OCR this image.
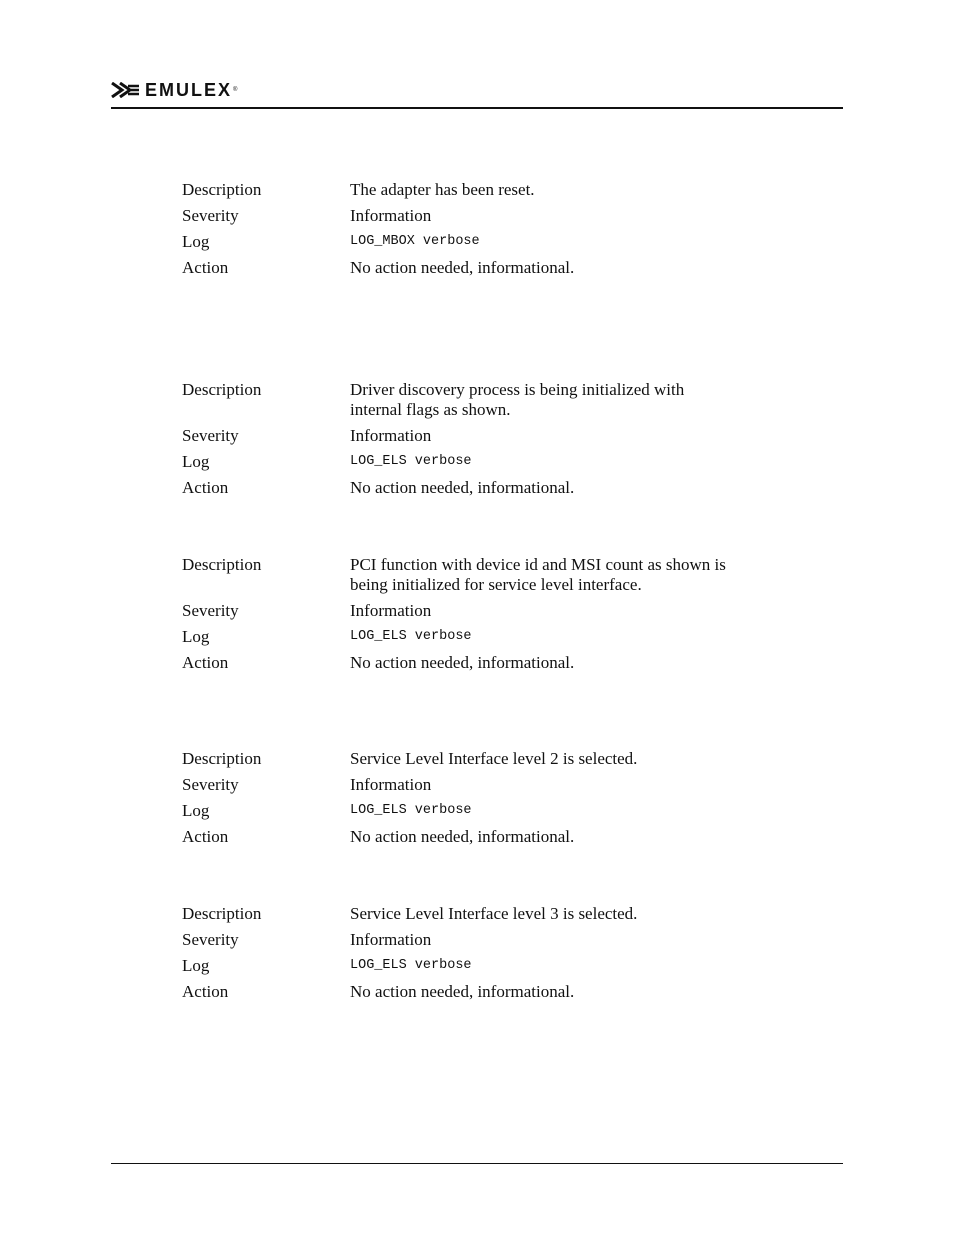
EMULEX ®
Description	The adapter has been reset.
Severity	Information
Log	LOG_MBOX verbose
Action	No action needed, informational.
Description	Driver discovery process is being initialized with internal flags as shown.
Severity	Information
Log	LOG_ELS verbose
Action	No action needed, informational.
Description	PCI function with device id and MSI count as shown is being initialized for service level interface.
Severity	Information
Log	LOG_ELS verbose
Action	No action needed, informational.
Description	Service Level Interface level 2 is selected.
Severity	Information
Log	LOG_ELS verbose
Action	No action needed, informational.
Description	Service Level Interface level 3 is selected.
Severity	Information
Log	LOG_ELS verbose
Action	No action needed, informational.
